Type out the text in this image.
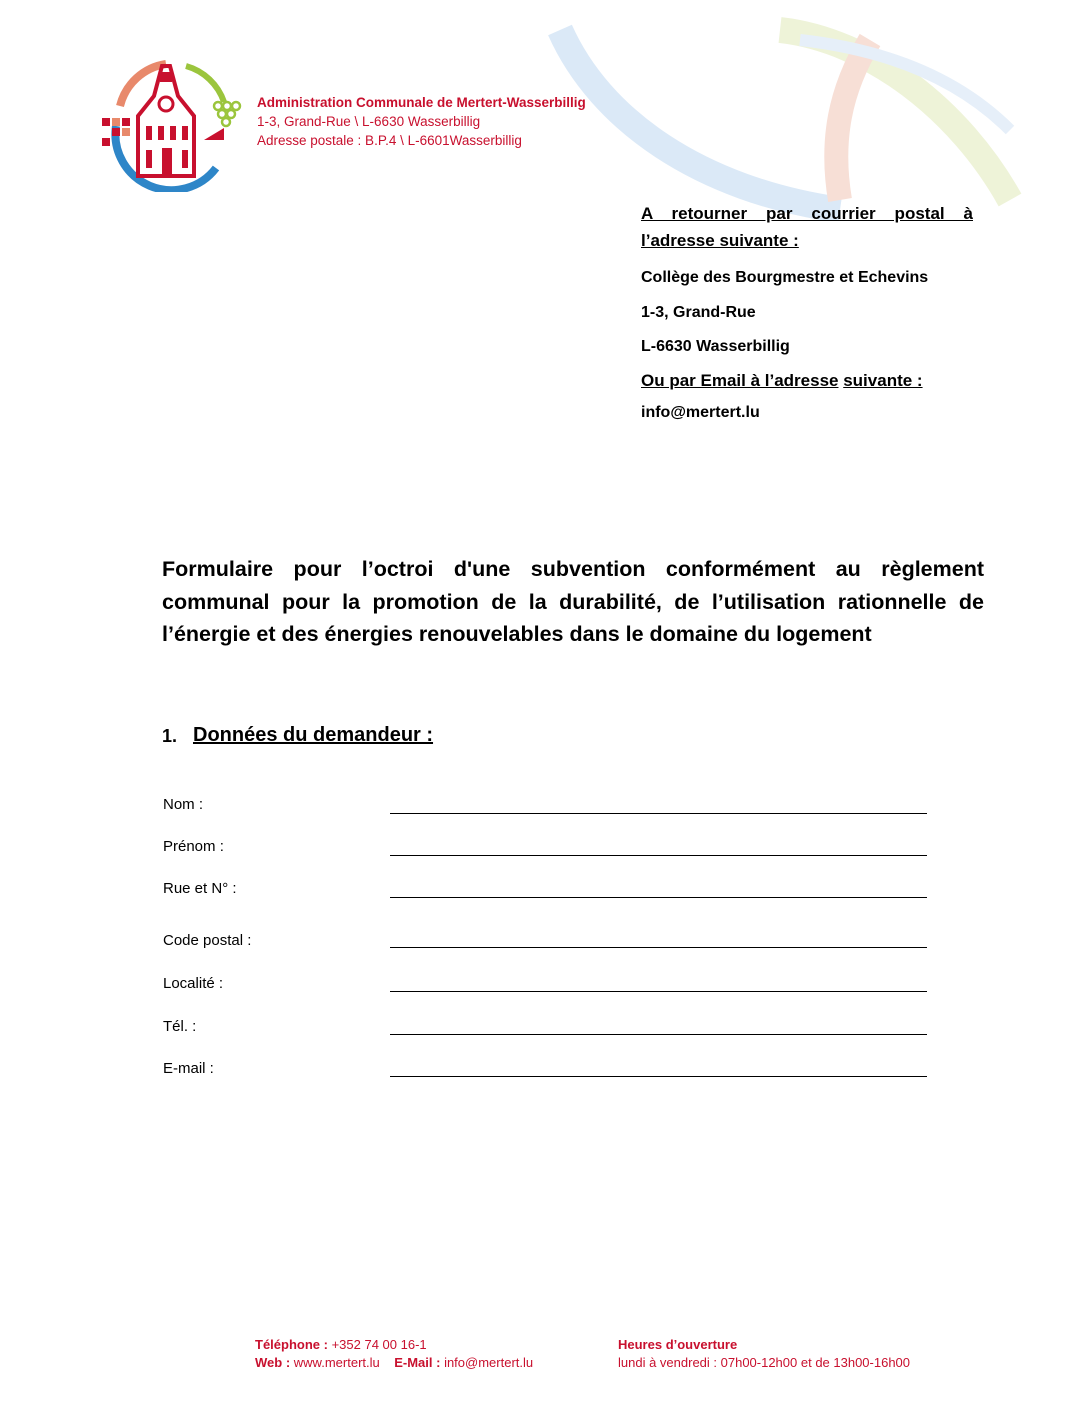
Administration Communale de Mertert-Wasserbillig
1-3, Grand-Rue \ L-6630 Wasserbillig
Adresse postale : B.P.4 \ L-6601Wasserbillig
A retourner par courrier postal à l’adresse suivante :
Collège des Bourgmestre et Echevins
1-3, Grand-Rue
L-6630 Wasserbillig
Ou par Email à l’adresse suivante :
info@mertert.lu
Formulaire pour l’octroi d'une subvention conformément au règlement communal pour la promotion de la durabilité, de l’utilisation rationnelle de l’énergie et des énergies renouvelables dans le domaine du logement
1. Données du demandeur :
Nom :
Prénom :
Rue et N° :
Code postal :
Localité :
Tél. :
E-mail :
Téléphone : +352 74 00 16-1
Web : www.mertert.lu E-Mail : info@mertert.lu
Heures d’ouverture
lundi à vendredi : 07h00-12h00 et de 13h00-16h00
